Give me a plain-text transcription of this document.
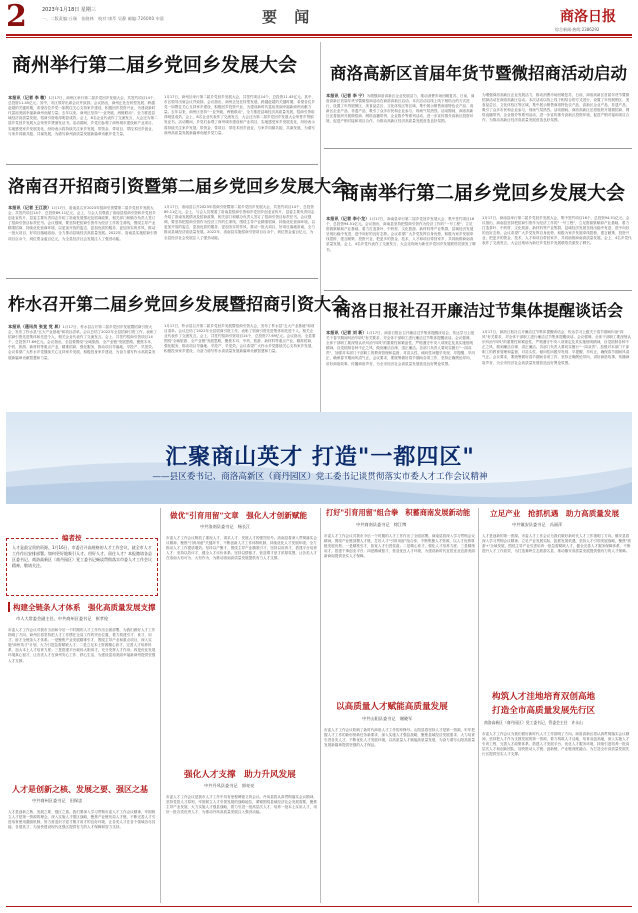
2	2023年1月18日 星期三
一、二版责编:丘瑞　张晓林　校对:康萃 吴静 邮编:726000 申晨	要 闻	商洛日报
综合新闻·热线:2386292
商州举行第二届乡党回乡发展大会
本报讯（记者 李 敏）1月17日，商州区举行第二届乡党回乡发展大会，共签约项目14个，总投资11.45亿元。其中，市区领导出席会议并致辞。会议指出，商州正处在转型发展、跨越赶超的关键时期，希望各位乡党一如既往关心支持家乡建设，积极回乡投资兴业，为建设新时代富裕美丽幸福新商州贡献力量。去年以来，商州区坚持"一业突破、两链联动"，全力推进县域经济高质量发展，招商引资取得明显成效。会上，8名企业代表作了交流发言，大会还为第二届乡党回乡发展大会荣誉乡贤颁发证书。活动期间，乡党们参观了商州城市建设和产业项目，实地感受家乡发展变化，纷纷表示将持续关注家乡发展，带资金、带项目、带技术回乡创业，与家乡同频共振、共谋发展，为谱写商州高质量发展新篇章贡献乡党力量。
1月17日，商州区举行第二届乡党回乡发展大会，共签约项目14个，总投资11.45亿元。其中，市区领导出席会议并致辞。会议指出，商州正处在转型发展、跨越赶超的关键时期，希望各位乡党一如既往关心支持家乡建设，积极回乡投资兴业，为建设新时代富裕美丽幸福新商州贡献力量。去年以来，商州区坚持"一业突破、两链联动"，全力推进县域经济高质量发展，招商引资取得明显成效。会上，8名企业代表作了交流发言，大会还为第二届乡党回乡发展大会荣誉乡贤颁发证书。活动期间，乡党们参观了商州城市建设和产业项目，实地感受家乡发展变化，纷纷表示将持续关注家乡发展，带资金、带项目、带技术回乡创业，与家乡同频共振、共谋发展，为谱写商州高质量发展新篇章贡献乡党力量。
洛南召开招商引资暨第二届乡党回乡发展大会
本报讯（记者 王江波）1月17日，洛南县召开2023年招商引资暨第二届乡党回乡发展大会，共签约项目14个，总投资89.11亿元。会上，与会人员观看了洛南县招商引资和乡党回乡创业宣传片，县委主要负责同志介绍了洛南发展情况及招商政策，相关部门和镇办负责人签订了招商引资目标责任书。会议强调，要坚持把招商引资作为经济工作的生命线，围绕主导产业精准招商，持续优化营商环境，以更加开放的姿态、更加优质的服务、更加务实的作风，推动一批大项目、好项目落地洛南，全力推动县域经济高质量发展。2022年，洛南县实施招商引资项目百余个，到位资金逾百亿元，为全县经济社会发展注入了强劲动能。
1月17日，洛南县召开2023年招商引资暨第二届乡党回乡发展大会，共签约项目14个，总投资89.11亿元。会上，与会人员观看了洛南县招商引资和乡党回乡创业宣传片，县委主要负责同志介绍了洛南发展情况及招商政策，相关部门和镇办负责人签订了招商引资目标责任书。会议强调，要坚持把招商引资作为经济工作的生命线，围绕主导产业精准招商，持续优化营商环境，以更加开放的姿态、更加优质的服务、更加务实的作风，推动一批大项目、好项目落地洛南，全力推动县域经济高质量发展。2022年，洛南县实施招商引资项目百余个，到位资金逾百亿元，为全县经济社会发展注入了强劲动能。
柞水召开第二届乡党回乡发展暨招商引资大会
本报讯（通讯员 张宣 党 昇）1月17日，柞水县召开第二届乡党回乡发展暨招商引资大会，发布了柞水县"五大产业基地"和项目清单。会议总结了2022年全县招商引资工作，表彰了招商引资先进集体和先进个人，相关企业代表作了交流发言。会上，共签约招商引资项目14个，总投资77.69亿元。会议指出，全县要围绕"全域旅游、全产业链"发展思路，聚焦木耳、中药、旅游、新材料等重点产业，精准招商，强化服务，推动项目早落地、早投产、早见效。会议希望广大柞水乡党继续关心支持家乡发展，积极投身家乡建设，为奋力谱写柞水高质量发展新篇章贡献智慧和力量。
1月17日，柞水县召开第二届乡党回乡发展暨招商引资大会，发布了柞水县"五大产业基地"和项目清单。会议总结了2022年全县招商引资工作，表彰了招商引资先进集体和先进个人，相关企业代表作了交流发言。会上，共签约招商引资项目14个，总投资77.69亿元。会议指出，全县要围绕"全域旅游、全产业链"发展思路，聚焦木耳、中药、旅游、新材料等重点产业，精准招商，强化服务，推动项目早落地、早投产、早见效。会议希望广大柞水乡党继续关心支持家乡发展，积极投身家乡建设，为奋力谱写柞水高质量发展新篇章贡献智慧和力量。
商洛高新区首届年货节暨微招商活动启动
本报讯（记者 李 宁）为增强商洛高新区企业发展活力，推动消费市场回暖复苏，日前，商洛高新区首届年货节暨微招商活动在商洛高新区启动。本次活动以线上线下相结合的方式进行，设置了年货展销区、美食品尝区、文化体验区等区域，集中展示销售商洛特色农产品、高新区企业产品、非遗产品，吸引了众多市民和企业参与，现场气氛热烈。活动期间，商洛高新区还将组织开展微招商、网络直播带货、企业推介等系列活动，进一步宣传推介高新区投资环境，促进产销对接和项目合作，为推动高新区经济高质量发展营造良好氛围。
为增强商洛高新区企业发展活力，推动消费市场回暖复苏，日前，商洛高新区首届年货节暨微招商活动在商洛高新区启动。本次活动以线上线下相结合的方式进行，设置了年货展销区、美食品尝区、文化体验区等区域，集中展示销售商洛特色农产品、高新区企业产品、非遗产品，吸引了众多市民和企业参与，现场气氛热烈。活动期间，商洛高新区还将组织开展微招商、网络直播带货、企业推介等系列活动，进一步宣传推介高新区投资环境，促进产销对接和项目合作，为推动高新区经济高质量发展营造良好氛围。
商南举行第二届乡党回乡发展大会
本报讯（记者 李小龙）1月17日，商南县举行第二届乡党回乡发展大会，集中签约项目16个，总投资94.51亿元。会议指出，商南县坚持把招商引资作为经济工作的"一号工程"，立足资源禀赋和产业基础，着力打造茶叶、中药材、文化旅游、新材料等产业集群，县域经济发展呈现出稳中有进、进中向好的良好态势。会议希望广大乡党发挥自身优势，积极为家乡发展牵线搭桥、建言献策、投资兴业，把更多的资金、技术、人才和项目带回家乡，共同助推商南高质量发展。会上，4名乡党代表作了交流发言，大会还现场为新任乡党回乡发展联络员颁发了聘书。
1月17日，商南县举行第二届乡党回乡发展大会，集中签约项目16个，总投资94.51亿元。会议指出，商南县坚持把招商引资作为经济工作的"一号工程"，立足资源禀赋和产业基础，着力打造茶叶、中药材、文化旅游、新材料等产业集群，县域经济发展呈现出稳中有进、进中向好的良好态势。会议希望广大乡党发挥自身优势，积极为家乡发展牵线搭桥、建言献策、投资兴业，把更多的资金、技术、人才和项目带回家乡，共同助推商南高质量发展。会上，4名乡党代表作了交流发言，大会还现场为新任乡党回乡发展联络员颁发了聘书。
商洛日报社召开廉洁过节集体提醒谈话会
本报讯（记者 刘 新）1月17日，商洛日报社召开廉洁过节集体提醒谈话会，传达学习上级关于春节期间纠治"四风"有关要求，对全体干部职工进行廉洁过节集体提醒谈话。会议强调，全体干部职工要深刻认识纠治"四风"的重要性和紧迫性，严格遵守中央八项规定及其实施细则精神，自觉抵制各种不正之风，做到廉洁自律、清正廉洁。各部门负责人要切实履行"一岗双责"，加强对本部门干部职工的教育管理和监督，对苗头性、倾向性问题早发现、早提醒、早纠正，确保春节期间风清气正。会议要求，要统筹做好春节期间各项工作，坚持正确舆论导向，讲好商洛故事，传播商洛声音，为全市经济社会高质量发展营造良好舆论氛围。
1月17日，商洛日报社召开廉洁过节集体提醒谈话会，传达学习上级关于春节期间纠治"四风"有关要求，对全体干部职工进行廉洁过节集体提醒谈话。会议强调，全体干部职工要深刻认识纠治"四风"的重要性和紧迫性，严格遵守中央八项规定及其实施细则精神，自觉抵制各种不正之风，做到廉洁自律、清正廉洁。各部门负责人要切实履行"一岗双责"，加强对本部门干部职工的教育管理和监督，对苗头性、倾向性问题早发现、早提醒、早纠正，确保春节期间风清气正。会议要求，要统筹做好春节期间各项工作，坚持正确舆论导向，讲好商洛故事，传播商洛声音，为全市经济社会高质量发展营造良好舆论氛围。
汇聚商山英才 打造"一都四区"
——县区委书记、商洛高新区（商丹园区）党工委书记谈贯彻落实市委人才工作会议精神
编者按
人才是最宝贵的资源。1月16日，市委召开高规格的人才工作会议，就全市人才工作作出安排部署。如何更好地吸引人才、用好人才、留住人才？本报邀请各县区委书记、商洛高新区（商丹园区）党工委书记畅谈贯彻落实市委人才工作会议精神，敬请关注。
构建全链条人才体系　强化高质量发展支撑
市人大常委会副主任、中共商州区委书记　崔孝栓
市委人才工作会议对我市当前和今后一个时期的人才工作作出全面部署，为我们做好人才工作指明了方向。商州区将坚持把人才工作摆在全局工作的突出位置，着力构建引才、育才、用才、留才全链条人才体系。一是聚焦产业发展精准引才，围绕主导产业和重点项目，深入实施"商州英才"计划，大力引进急需紧缺人才；二是立足本土资源精心育才，完善人才培养体系，加大本土人才培育力度；三是搭建平台载体大胆用才，充分发挥人才作用；四是优化发展环境真心留才，让各类人才在商州安心工作、舒心生活，为建设富裕美丽幸福新商州提供坚强人才支撑。
人才是创新之核、发展之要、强区之基
中共商州区委书记　田保忠
人才是创新之核、发展之要、强区之基。我们要深入学习贯彻市委人才工作会议精神，牢固树立人才是第一资源的理念，深入实施人才强区战略，聚焦产业链布局人才链，不断完善人才引进培育使用激励机制，努力营造识才爱才敬才用才的良好环境，让各类人才在各个领域各尽其能、各展其才，为加快建设现代化强区提供有力的人才保障和智力支持。
做优"引育用留"文章　强化人才创新赋能
中共洛南县委书记　杨长江
市委人才工作会议释放了重视人才、渴求人才、发展人才的强烈信号。洛南县将深入贯彻落实会议精神，聚焦"引育用留"关键环节，不断创新人才工作体制机制，持续优化人才发展环境，全力推动人才工作提质增效。坚持以产聚才，围绕主导产业精准引才；坚持以用育才，搭建平台培养人才；坚持以效评才，健全人才评价体系；坚持以情留才，营造尊才爱才浓厚氛围，让各类人才在洛南大有可为、大有作为，为推动洛南高质量发展提供有力人才支撑。
强化人才支撑　助力升风发展
中共丹凤县委书记　郭亮亮
市委人才工作会议是我市人才工作中具有里程碑意义的会议。丹凤县将认真贯彻落实会议精神，坚持党管人才原则，牢固树立人才引领发展的战略地位，紧紧围绕县域经济社会发展需要，聚焦主导产业发展，大力实施人才强县战略，着力引进一批高层次人才，培养一批本土实用人才，用好一批各类优秀人才，为推动丹凤高质量发展注入强劲动能。
打好"引育用留"组合拳　积蓄商南发展新动能
中共商南县委书记　徐江博
市委人才工作会议对我市今后一个时期的人才工作作出了全面部署。商南县将深入学习贯彻会议精神，围绕产业链部署人才链，打好人才"引育用留"组合拳，不断集聚人才资源，以人才优势厚植发展优势。一是精准引才，拓宽人才引进渠道；二是精心育才，强化人才培养力度；三是精细用才，搭建干事创业平台；四是精诚留才，营造优良人才环境，为建设新时代宜居宜业宜游美丽新商南提供坚实人才保障。
以高质量人才赋能高质量发展
中共山阳县委书记　谢晓军
市委人才工作会议吹响了新时代商洛人才工作的冲锋号。山阳县将坚持人才是第一资源，牢牢把握人才工作的新形势新任务新要求，深入实施人才强县战略，聚焦县域经济发展需求，大力培育引进各类人才，不断优化人才发展环境，以高质量人才赋能高质量发展，为奋力谱写山阳高质量发展新篇章提供坚强的人才保证。
立足产业　抢抓机遇　助力高质量发展
中共镇安县委书记　冯丽萍
人才是创新的第一资源。市委人才工作会议为我们做好新时代人才工作指明了方向。镇安县将深入学习贯彻会议精神，立足产业发展实际，抢抓发展机遇，坚持人才引领发展战略，聚焦"旅游+"全域发展，围绕主导产业引进培育一批急需紧缺人才，健全完善人才服务保障体系，不断提升人才工作质效，为打造秦岭生态旅游名县、推动镇安高质量发展提供强有力的人才保障。
构筑人才洼地培育双创高地
打造全市高质量发展先行区
商洛高新区（商丹园区）党工委书记、管委会主任　许永山
市委人才工作会议为我们做好新时代人才工作指明了方向。商洛高新区将认真贯彻落实会议精神，坚持把人才作为支撑发展的第一资源，着力构筑人才洼地，培育双创高地，深入实施人才引育工程，完善人才政策体系，搭建人才发展平台，优化人才服务环境，持续引进培养一批高层次人才和创新团队，加快推动人才链、创新链、产业链深度融合，为打造全市高质量发展先行区提供坚实人才支撑。
